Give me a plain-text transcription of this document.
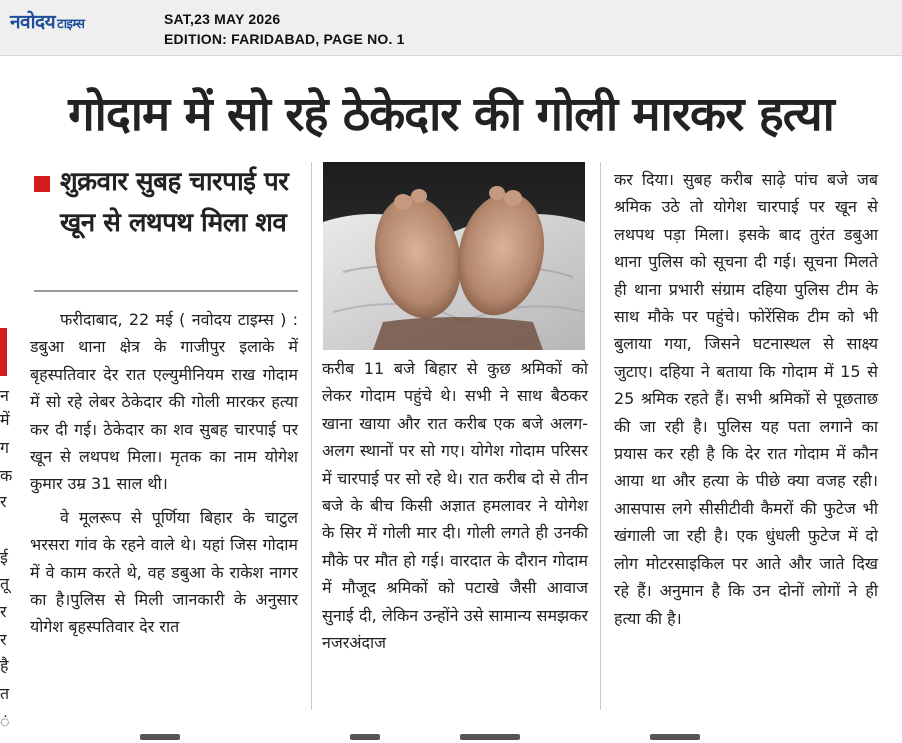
नवोदय टाइम्स	SAT,23 MAY 2026
EDITION: FARIDABAD, PAGE NO. 1
गोदाम में सो रहे ठेकेदार की गोली मारकर हत्या
न
में
ग
क
र
ई
तू
र
र
है
त
ं
शुक्रवार सुबह चारपाई पर खून से लथपथ मिला शव

फरीदाबाद, 22 मई ( नवोदय टाइम्स ) : डबुआ थाना क्षेत्र के गाजीपुर इलाके में बृहस्पतिवार देर रात एल्युमीनियम राख गोदाम में सो रहे लेबर ठेकेदार की गोली मारकर हत्या कर दी गई। ठेकेदार का शव सुबह चारपाई पर खून से लथपथ मिला। मृतक का नाम योगेश कुमार उम्र 31 साल थी।

वे मूलरूप से पूर्णिया बिहार के चाटुल भरसरा गांव के रहने वाले थे। यहां जिस गोदाम में वे काम करते थे, वह डबुआ के राकेश नागर का है।पुलिस से मिली जानकारी के अनुसार योगेश बृहस्पतिवार देर रात

करीब 11 बजे बिहार से कुछ श्रमिकों को लेकर गोदाम पहुंचे थे। सभी ने साथ बैठकर खाना खाया और रात करीब एक बजे अलग-अलग स्थानों पर सो गए। योगेश गोदाम परिसर में चारपाई पर सो रहे थे। रात करीब दो से तीन बजे के बीच किसी अज्ञात हमलावर ने योगेश के सिर में गोली मार दी। गोली लगते ही उनकी मौके पर मौत हो गई। वारदात के दौरान गोदाम में मौजूद श्रमिकों को पटाखे जैसी आवाज सुनाई दी, लेकिन उन्होंने उसे सामान्य समझकर नजरअंदाज

कर दिया। सुबह करीब साढ़े पांच बजे जब श्रमिक उठे तो योगेश चारपाई पर खून से लथपथ पड़ा मिला। इसके बाद तुरंत डबुआ थाना पुलिस को सूचना दी गई। सूचना मिलते ही थाना प्रभारी संग्राम दहिया पुलिस टीम के साथ मौके पर पहुंचे। फोरेंसिक टीम को भी बुलाया गया, जिसने घटनास्थल से साक्ष्य जुटाए। दहिया ने बताया कि गोदाम में 15 से 25 श्रमिक रहते हैं। सभी श्रमिकों से पूछताछ की जा रही है। पुलिस यह पता लगाने का प्रयास कर रही है कि देर रात गोदाम में कौन आया था और हत्या के पीछे क्या वजह रही। आसपास लगे सीसीटीवी कैमरों की फुटेज भी खंगाली जा रही है। एक धुंधली फुटेज में दो लोग मोटरसाइकिल पर आते और जाते दिख रहे हैं। अनुमान है कि उन दोनों लोगों ने ही हत्या की है।
